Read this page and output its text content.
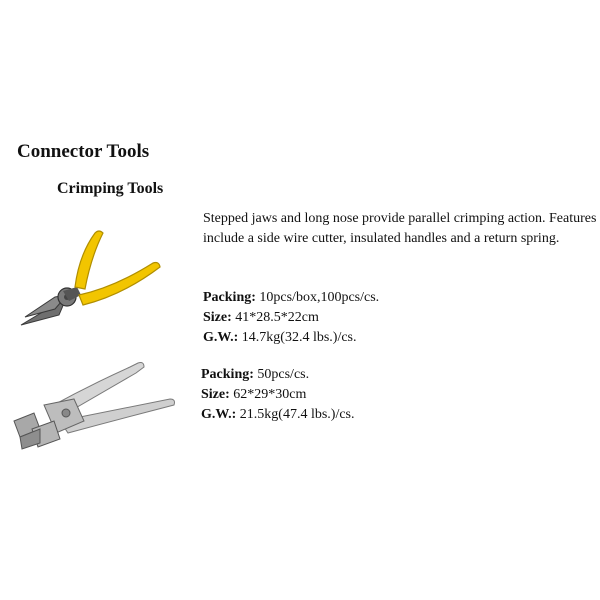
Connector Tools
Crimping Tools
Stepped jaws and long nose provide parallel crimping action. Features include a side wire cutter, insulated handles and a return spring.
Packing: 10pcs/box,100pcs/cs.
Size: 41*28.5*22cm
G.W.: 14.7kg(32.4 lbs.)/cs.
Packing: 50pcs/cs.
Size: 62*29*30cm
G.W.: 21.5kg(47.4 lbs.)/cs.
